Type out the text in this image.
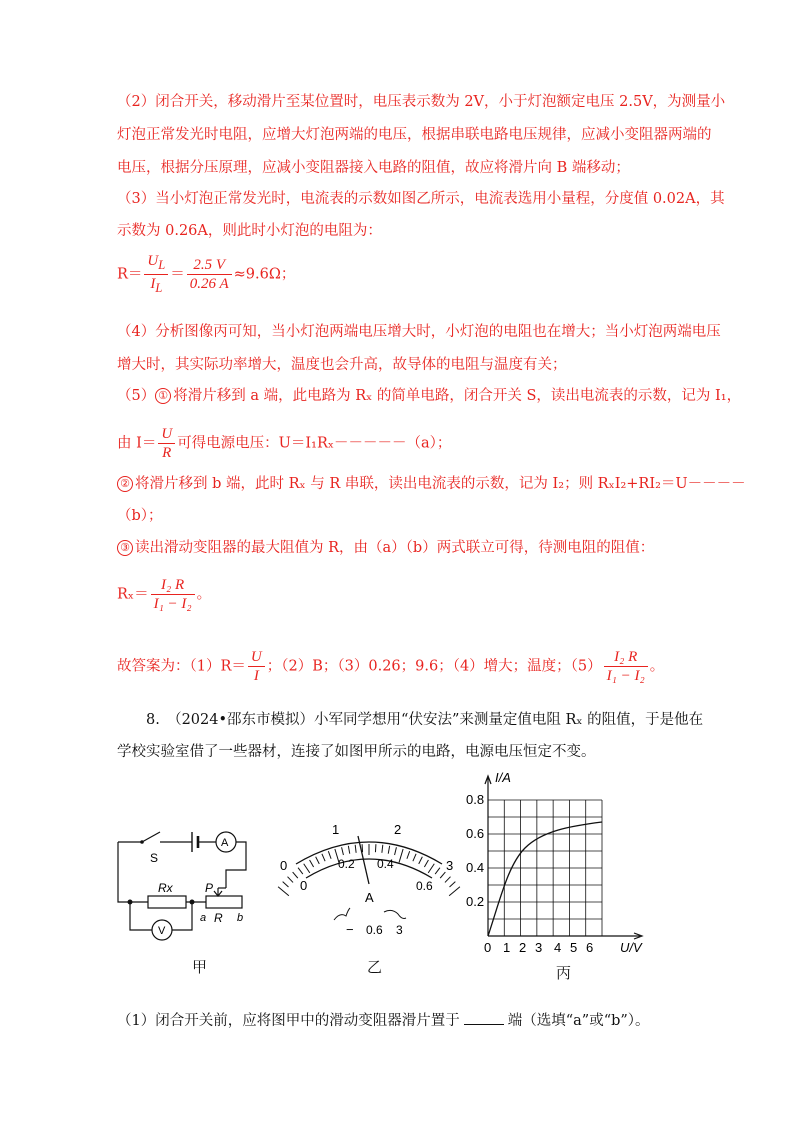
（2）闭合开关，移动滑片至某位置时，电压表示数为 2V，小于灯泡额定电压 2.5V，为测量小
灯泡正常发光时电阻，应增大灯泡两端的电压，根据串联电路电压规律，应减小变阻器两端的
电压，根据分压原理，应减小变阻器接入电路的阻值，故应将滑片向 B 端移动；
（3）当小灯泡正常发光时，电流表的示数如图乙所示，电流表选用小量程，分度值 0.02A，其
示数为 0.26A，则此时小灯泡的电阻为：
$R= \frac{U_L}{I_L} = \frac{2.5 V}{0.26 A} \approx 9.6\Omega$；
（4）分析图像丙可知，当小灯泡两端电压增大时，小灯泡的电阻也在增大；当小灯泡两端电压
增大时，其实际功率增大，温度也会升高，故导体的电阻与温度有关；
（5） ① 将滑片移到 a 端，此电路为 Rₓ 的简单电路，闭合开关 S，读出电流表的示数，记为 I₁，
由 $I= \frac{U}{R}$ 可得电源电压：U＝I₁Rₓ－－－－－（a）；
② 将滑片移到 b 端，此时 Rₓ 与 R 串联，读出电流表的示数，记为 I₂；则 RₓI₂+RI₂＝U－－－－
（b）；
③ 读出滑动变阻器的最大阻值为 R，由（a）（b）两式联立可得，待测电阻的阻值：
$R_x= \frac{\text{I₂ R}}{\text{I₁ − I₂}}$ 。
故答案为：$(1)R= \frac{U}{I}$ ；（2）B；（3）0.26；9.6；（4）增大；温度；$(5) \frac{\text{I₂ R}}{\text{I₁ − I₂}}$ 。
8.　（2024•邵东市模拟）小军同学想用“伏安法”来测量定值电阻 Rₓ 的阻值，于是他在
学校实验室借了一些器材，连接了如图甲所示的电路，电源电压恒定不变。
S
A
Rx	P
R
a	b
V
甲
0
1	2
3
0
0.2 0.4
0.6
A
− 0.6 3
乙
I/A
U/V
0.2
0.4
0.6
0.8
0 1 2 3 4 5 6
丙
（1）闭合开关前，应将图甲中的滑动变阻器滑片置于	端（选填“a”或“b”）。
